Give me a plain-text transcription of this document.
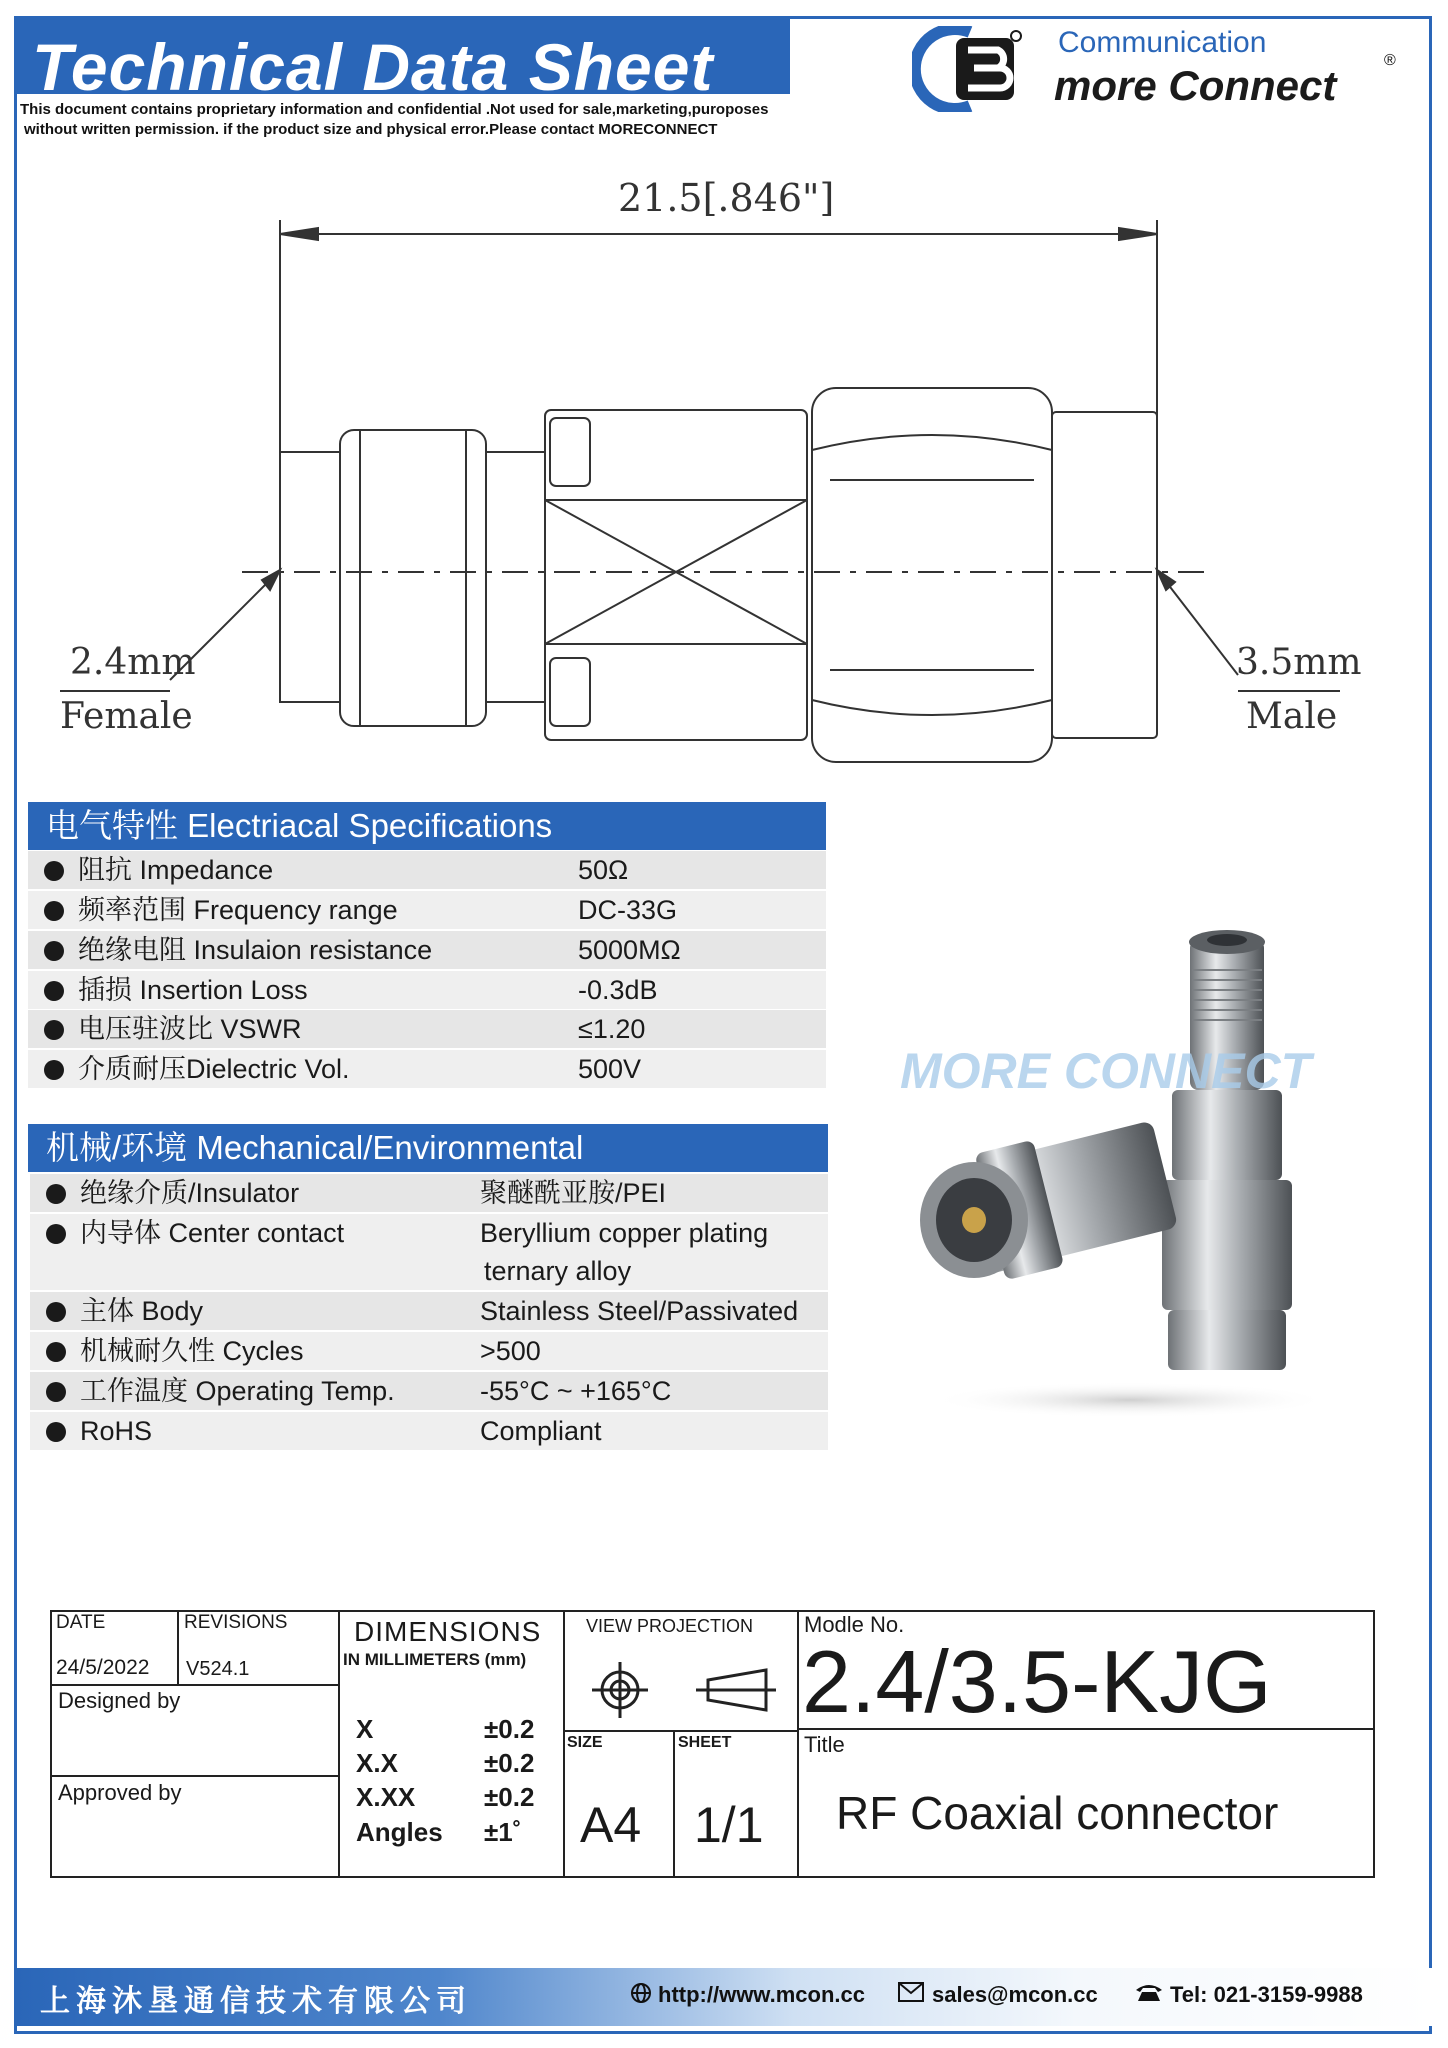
Technical Data Sheet
This document contains proprietary information and confidential .Not used for sale,marketing,puroposes
without written permission. if the product size and physical error.Please contact MORECONNECT
Communication
more Connect
®
21.5[.846"]
2.4mm
Female
3.5mm
Male
电气特性 Electriacal Specifications
阻抗 Impedance	50Ω
频率范围 Frequency range	DC-33G
绝缘电阻 Insulaion resistance	5000MΩ
插损 Insertion Loss	-0.3dB
电压驻波比 VSWR	≤1.20
介质耐压Dielectric Vol.	500V
机械/环境 Mechanical/Environmental
绝缘介质/Insulator	聚醚酰亚胺/PEI
内导体 Center contact	Beryllium copper plating
ternary alloy
主体 Body	Stainless Steel/Passivated
机械耐久性 Cycles	>500
工作温度 Operating Temp.	-55°C ~ +165°C
RoHS	Compliant
MORE CONNECT
DATE
24/5/2022
REVISIONS
V524.1
Designed by
Approved by
DIMENSIONS
IN MILLIMETERS (mm)
X	±0.2
X.X	±0.2
X.XX	±0.2
Angles ±1˚
VIEW PROJECTION
SIZE
A4
SHEET
1/1
Modle No.
2.4/3.5-KJG
Title
RF Coaxial connector
上海沐垦通信技术有限公司	http://www.mcon.cc	sales@mcon.cc	Tel: 021-3159-9988
